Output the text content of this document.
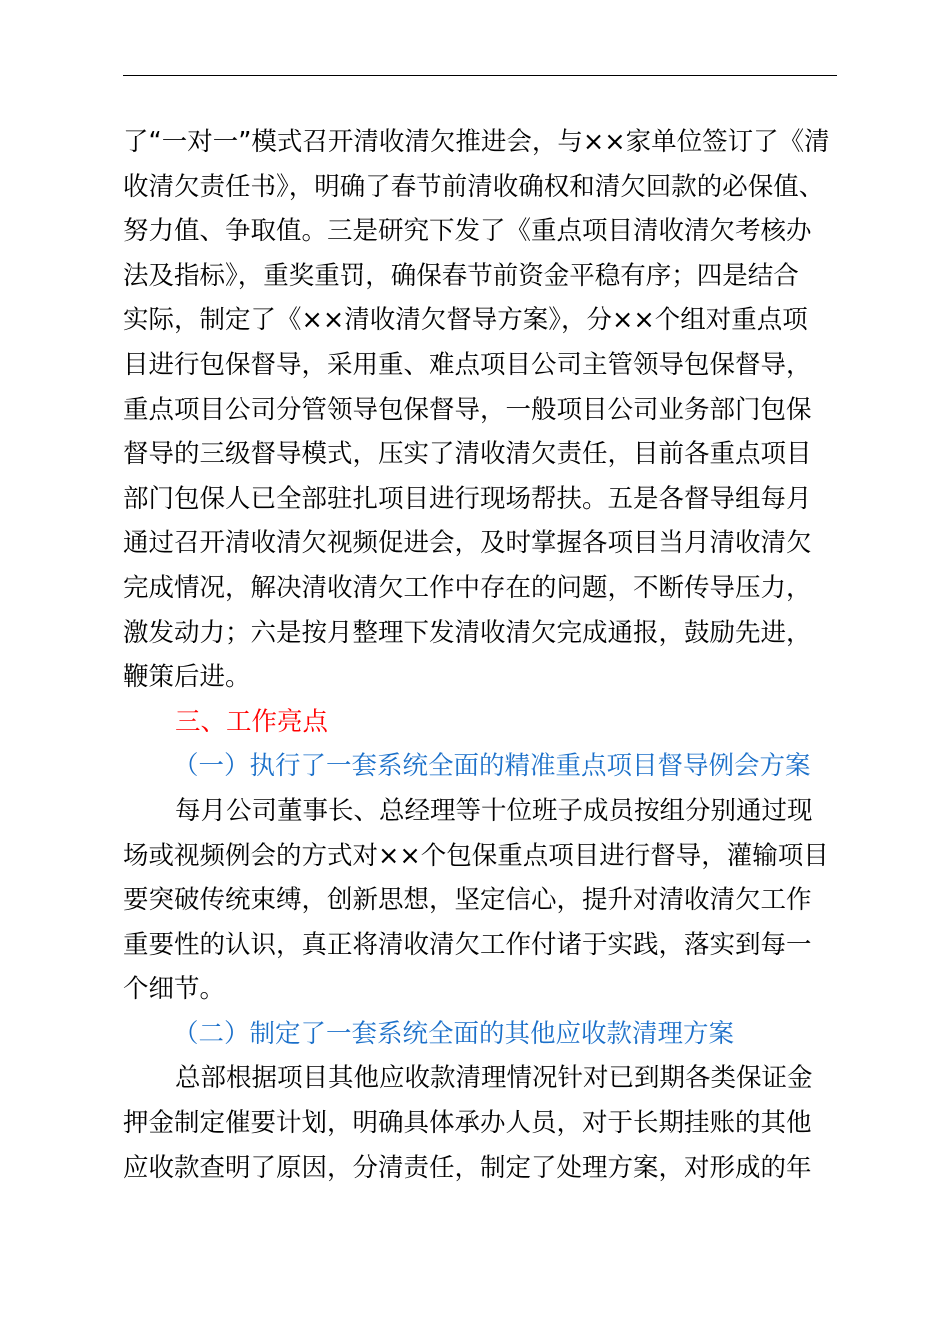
了“一对一”模式召开清收清欠推进会，与××家单位签订了《清
收清欠责任书》，明确了春节前清收确权和清欠回款的必保值、
努力值、争取值。三是研究下发了《重点项目清收清欠考核办
法及指标》，重奖重罚，确保春节前资金平稳有序；四是结合
实际，制定了《××清收清欠督导方案》，分××个组对重点项
目进行包保督导，采用重、难点项目公司主管领导包保督导，
重点项目公司分管领导包保督导，一般项目公司业务部门包保
督导的三级督导模式，压实了清收清欠责任，目前各重点项目
部门包保人已全部驻扎项目进行现场帮扶。五是各督导组每月
通过召开清收清欠视频促进会，及时掌握各项目当月清收清欠
完成情况，解决清收清欠工作中存在的问题，不断传导压力，
激发动力；六是按月整理下发清收清欠完成通报，鼓励先进，
鞭策后进。
三、工作亮点
（一）执行了一套系统全面的精准重点项目督导例会方案
每月公司董事长、总经理等十位班子成员按组分别通过现
场或视频例会的方式对××个包保重点项目进行督导，灌输项目
要突破传统束缚，创新思想，坚定信心，提升对清收清欠工作
重要性的认识，真正将清收清欠工作付诸于实践，落实到每一
个细节。
（二）制定了一套系统全面的其他应收款清理方案
总部根据项目其他应收款清理情况针对已到期各类保证金
押金制定催要计划，明确具体承办人员，对于长期挂账的其他
应收款查明了原因，分清责任，制定了处理方案，对形成的年
